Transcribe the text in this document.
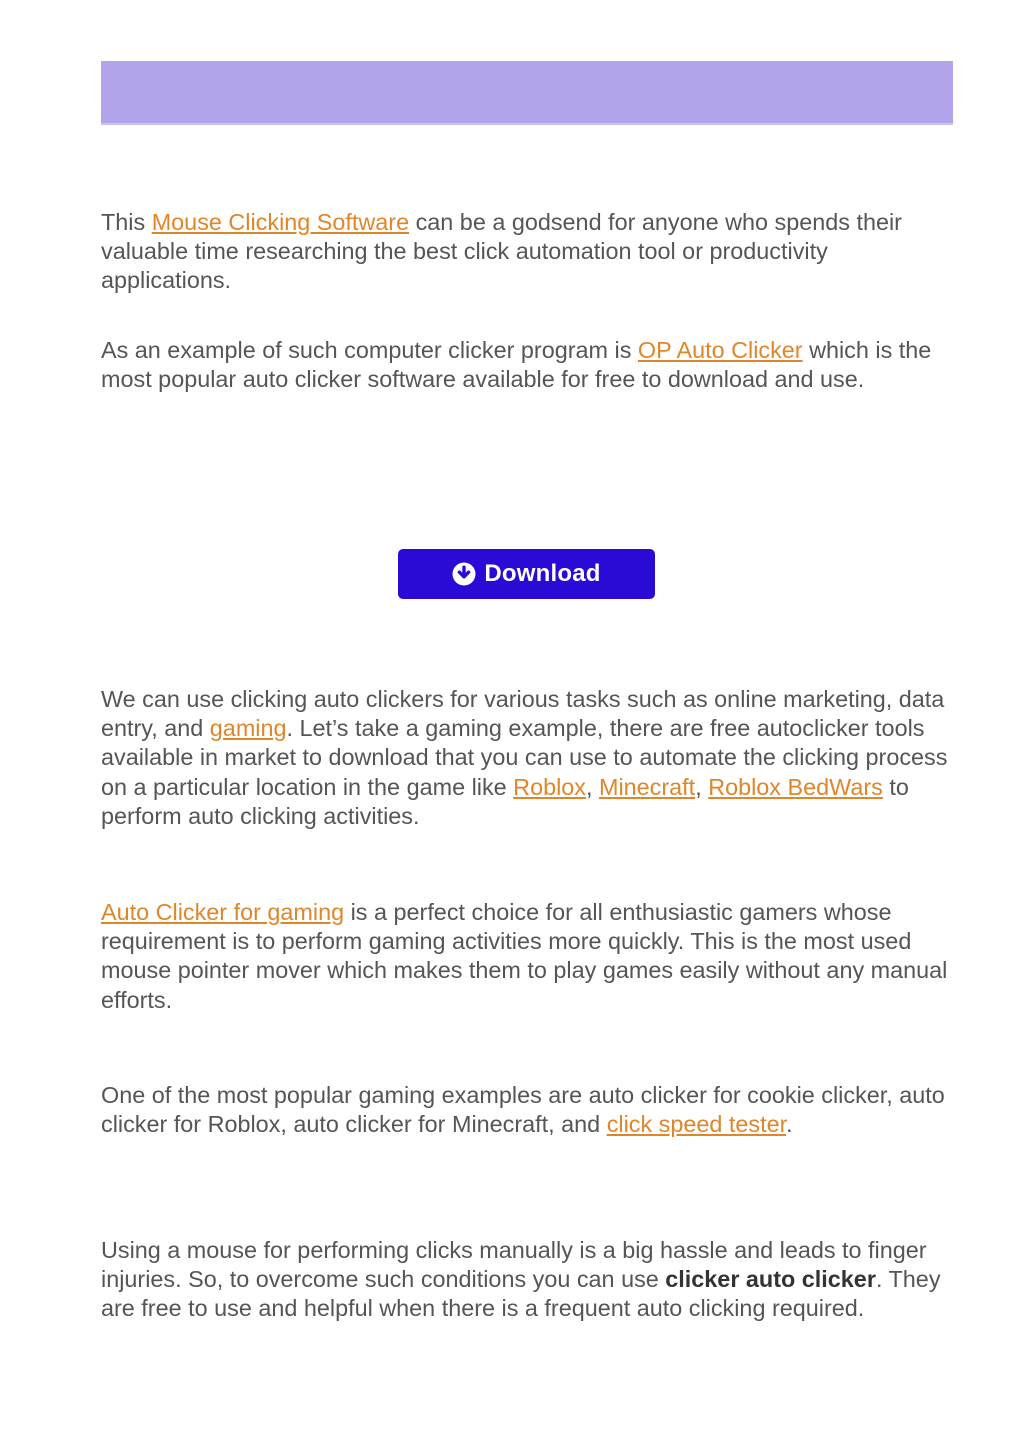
This Mouse Clicking Software can be a godsend for anyone who spends their valuable time researching the best click automation tool or productivity applications.

As an example of such computer clicker program is OP Auto Clicker which is the most popular auto clicker software available for free to download and use.

Download

We can use clicking auto clickers for various tasks such as online marketing, data entry, and gaming. Let’s take a gaming example, there are free autoclicker tools available in market to download that you can use to automate the clicking process on a particular location in the game like Roblox, Minecraft, Roblox BedWars to perform auto clicking activities.

Auto Clicker for gaming is a perfect choice for all enthusiastic gamers whose requirement is to perform gaming activities more quickly. This is the most used mouse pointer mover which makes them to play games easily without any manual efforts.

One of the most popular gaming examples are auto clicker for cookie clicker, auto clicker for Roblox, auto clicker for Minecraft, and click speed tester.

Using a mouse for performing clicks manually is a big hassle and leads to finger injuries. So, to overcome such conditions you can use clicker auto clicker. They are free to use and helpful when there is a frequent auto clicking required.
